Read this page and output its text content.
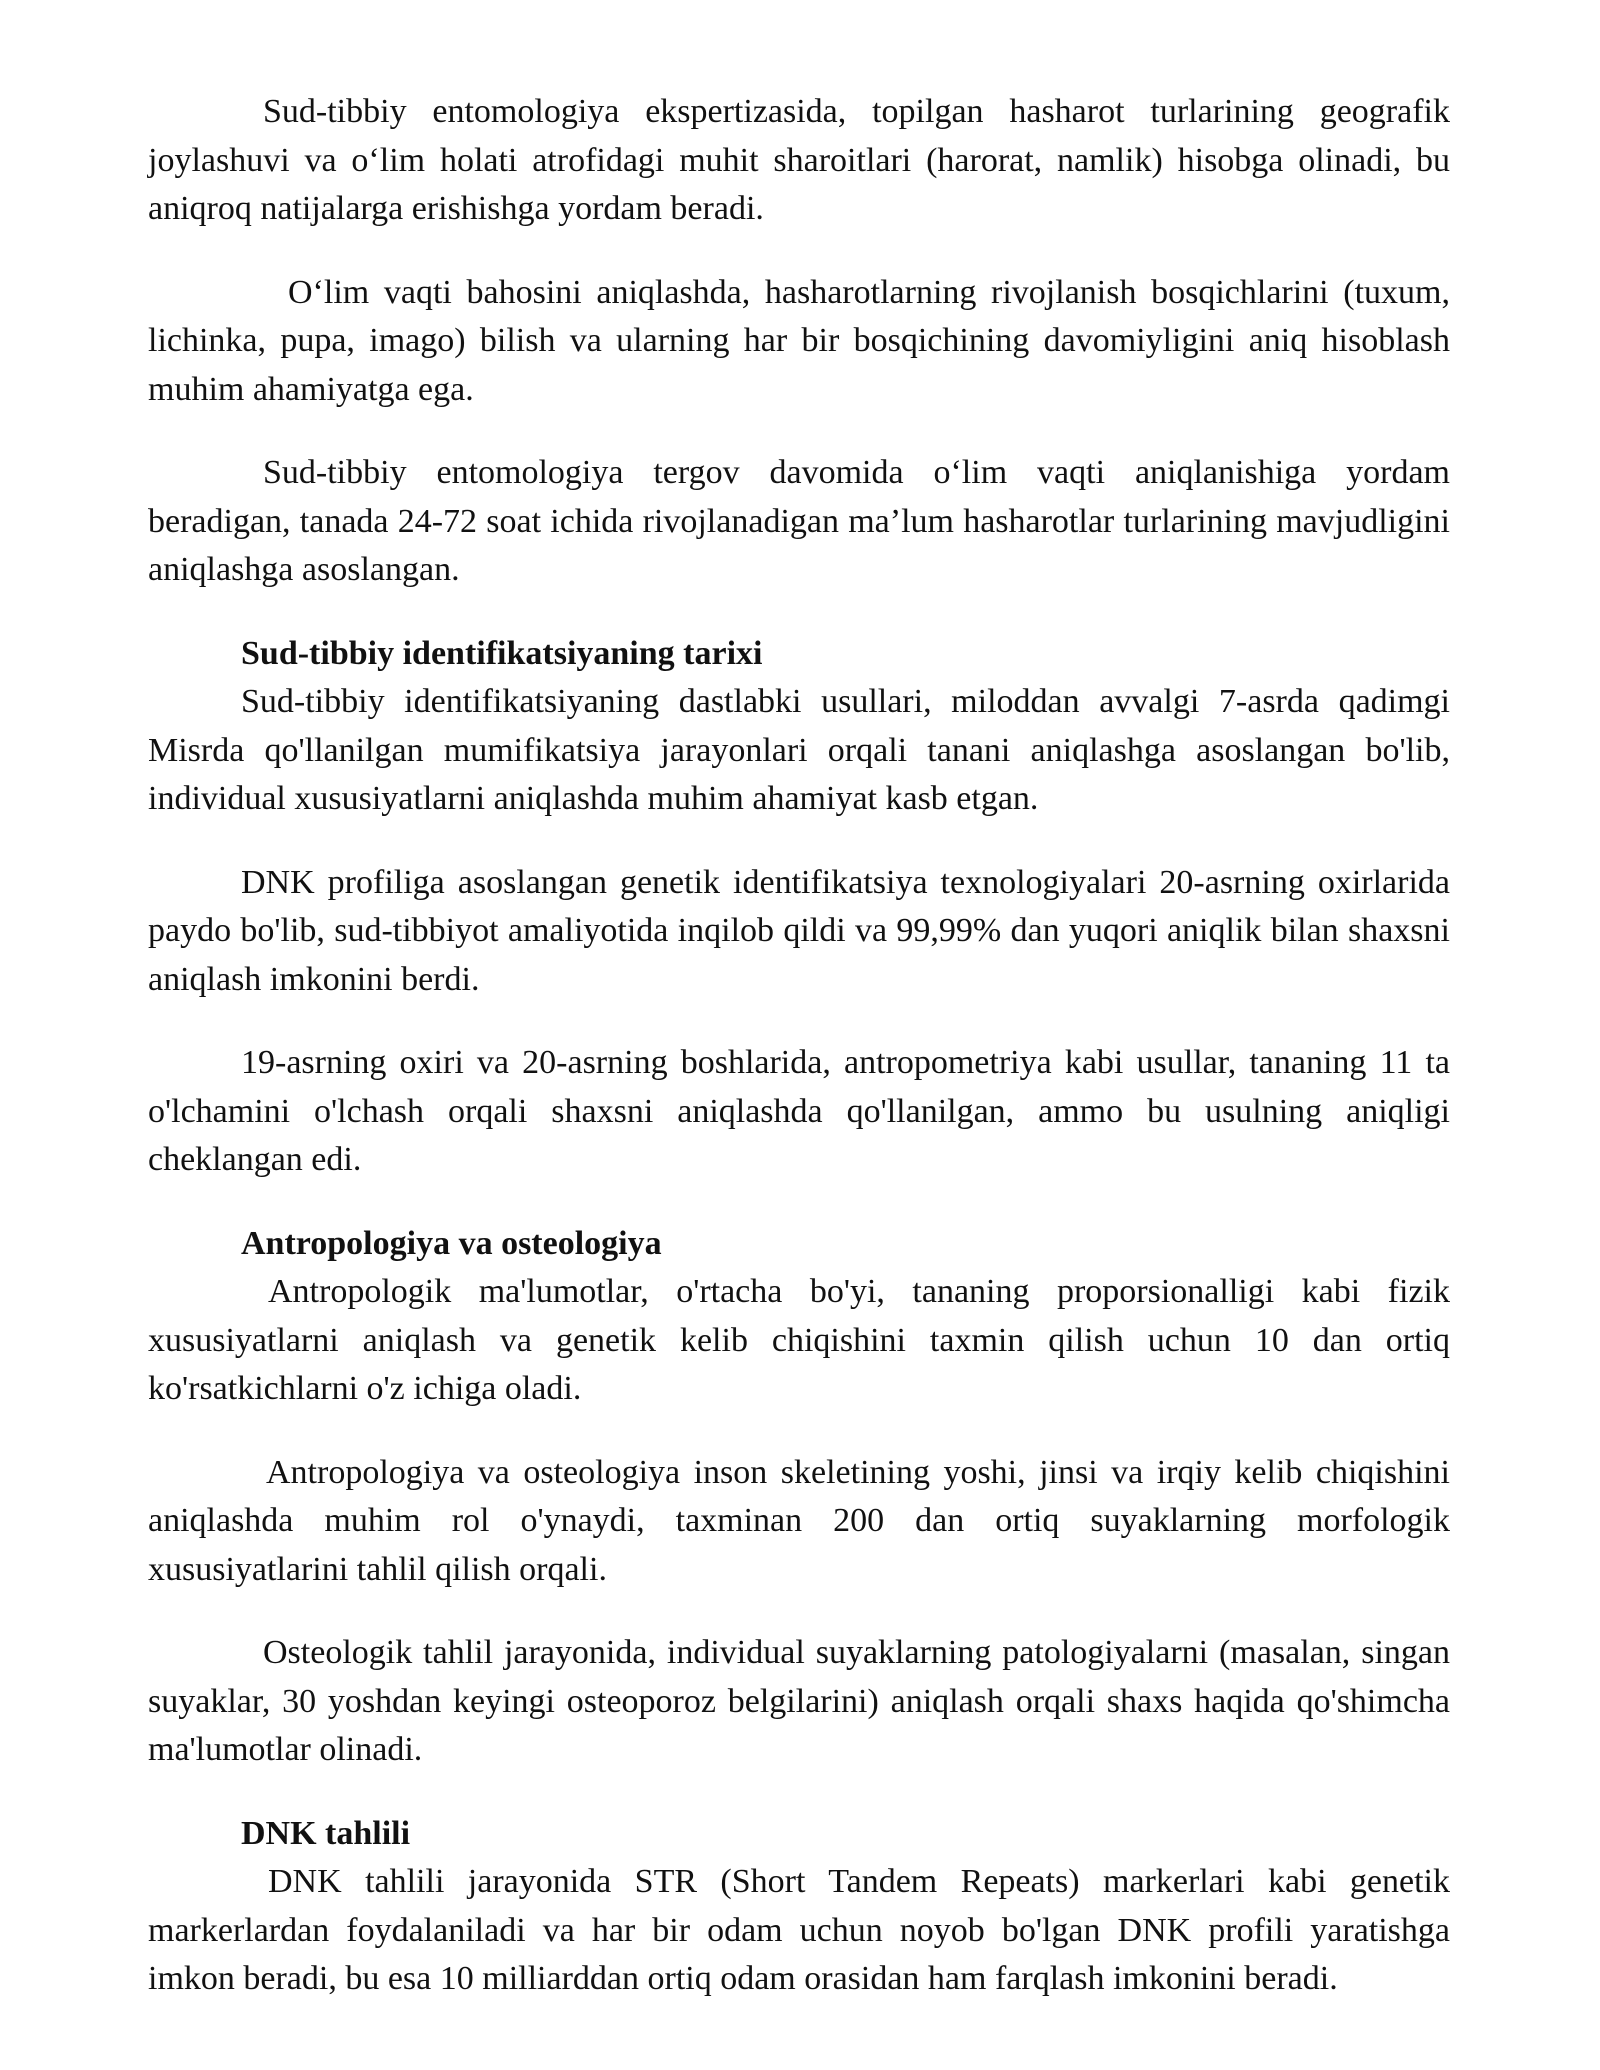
Sud-tibbiy entomologiya ekspertizasida, topilgan hasharot turlarining geografik joylashuvi va o‘lim holati atrofidagi muhit sharoitlari (harorat, namlik) hisobga olinadi, bu aniqroq natijalarga erishishga yordam beradi.

O‘lim vaqti bahosini aniqlashda, hasharotlarning rivojlanish bosqichlarini (tuxum, lichinka, pupa, imago) bilish va ularning har bir bosqichining davomiyligini aniq hisoblash muhim ahamiyatga ega.

Sud-tibbiy entomologiya tergov davomida o‘lim vaqti aniqlanishiga yordam beradigan, tanada 24-72 soat ichida rivojlanadigan ma’lum hasharotlar turlarining mavjudligini aniqlashga asoslangan.

Sud-tibbiy identifikatsiyaning tarixi

Sud-tibbiy identifikatsiyaning dastlabki usullari, miloddan avvalgi 7-asrda qadimgi Misrda qo'llanilgan mumifikatsiya jarayonlari orqali tanani aniqlashga asoslangan bo'lib, individual xususiyatlarni aniqlashda muhim ahamiyat kasb etgan.

DNK profiliga asoslangan genetik identifikatsiya texnologiyalari 20-asrning oxirlarida paydo bo'lib, sud-tibbiyot amaliyotida inqilob qildi va 99,99% dan yuqori aniqlik bilan shaxsni aniqlash imkonini berdi.

19-asrning oxiri va 20-asrning boshlarida, antropometriya kabi usullar, tananing 11 ta o'lchamini o'lchash orqali shaxsni aniqlashda qo'llanilgan, ammo bu usulning aniqligi cheklangan edi.

Antropologiya va osteologiya

Antropologik ma'lumotlar, o'rtacha bo'yi, tananing proporsionalligi kabi fizik xususiyatlarni aniqlash va genetik kelib chiqishini taxmin qilish uchun 10 dan ortiq ko'rsatkichlarni o'z ichiga oladi.

Antropologiya va osteologiya inson skeletining yoshi, jinsi va irqiy kelib chiqishini aniqlashda muhim rol o'ynaydi, taxminan 200 dan ortiq suyaklarning morfologik xususiyatlarini tahlil qilish orqali.

Osteologik tahlil jarayonida, individual suyaklarning patologiyalarni (masalan, singan suyaklar, 30 yoshdan keyingi osteoporoz belgilarini) aniqlash orqali shaxs haqida qo'shimcha ma'lumotlar olinadi.

DNK tahlili

DNK tahlili jarayonida STR (Short Tandem Repeats) markerlari kabi genetik markerlardan foydalaniladi va har bir odam uchun noyob bo'lgan DNK profili yaratishga imkon beradi, bu esa 10 milliarddan ortiq odam orasidan ham farqlash imkonini beradi.
